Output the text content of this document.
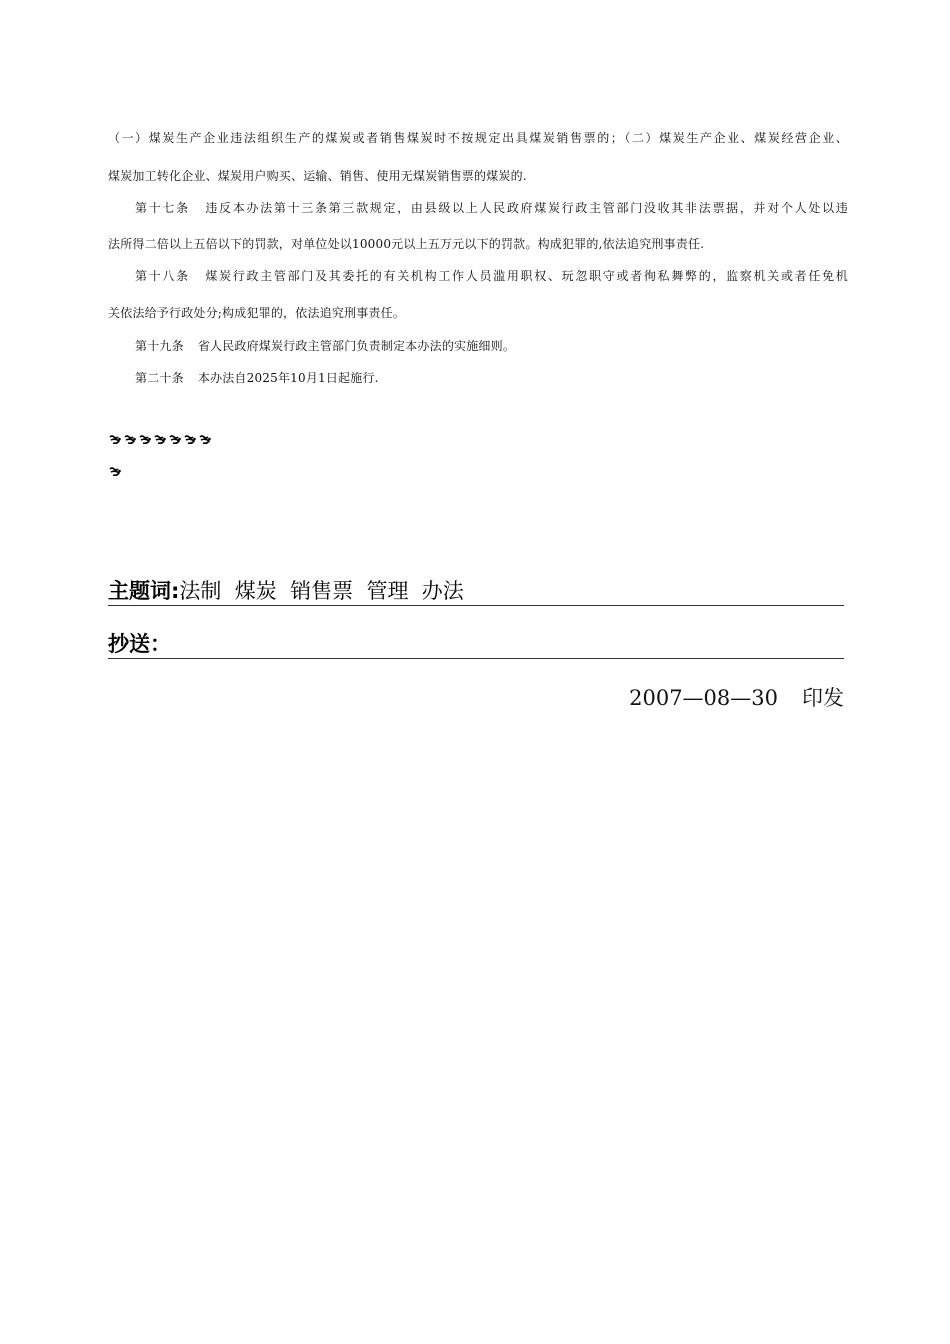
（一）煤炭生产企业违法组织生产的煤炭或者销售煤炭时不按规定出具煤炭销售票的；（二）煤炭生产企业、煤炭经营企业、
煤炭加工转化企业、煤炭用户购买、运输、销售、使用无煤炭销售票的煤炭的.
第十七条 违反本办法第十三条第三款规定，由县级以上人民政府煤炭行政主管部门没收其非法票据，并对个人处以违
法所得二倍以上五倍以下的罚款，对单位处以10000元以上五万元以下的罚款。构成犯罪的,依法追究刑事责任.
第十八条 煤炭行政主管部门及其委托的有关机构工作人员滥用职权、玩忽职守或者徇私舞弊的，监察机关或者任免机
关依法给予行政处分;构成犯罪的，依法追究刑事责任。
第十九条 省人民政府煤炭行政主管部门负责制定本办法的实施细则。
第二十条 本办法自2025年10月1日起施行.
主题词:法制  煤炭  销售票  管理  办法
抄送：
2007—08—30 印发
